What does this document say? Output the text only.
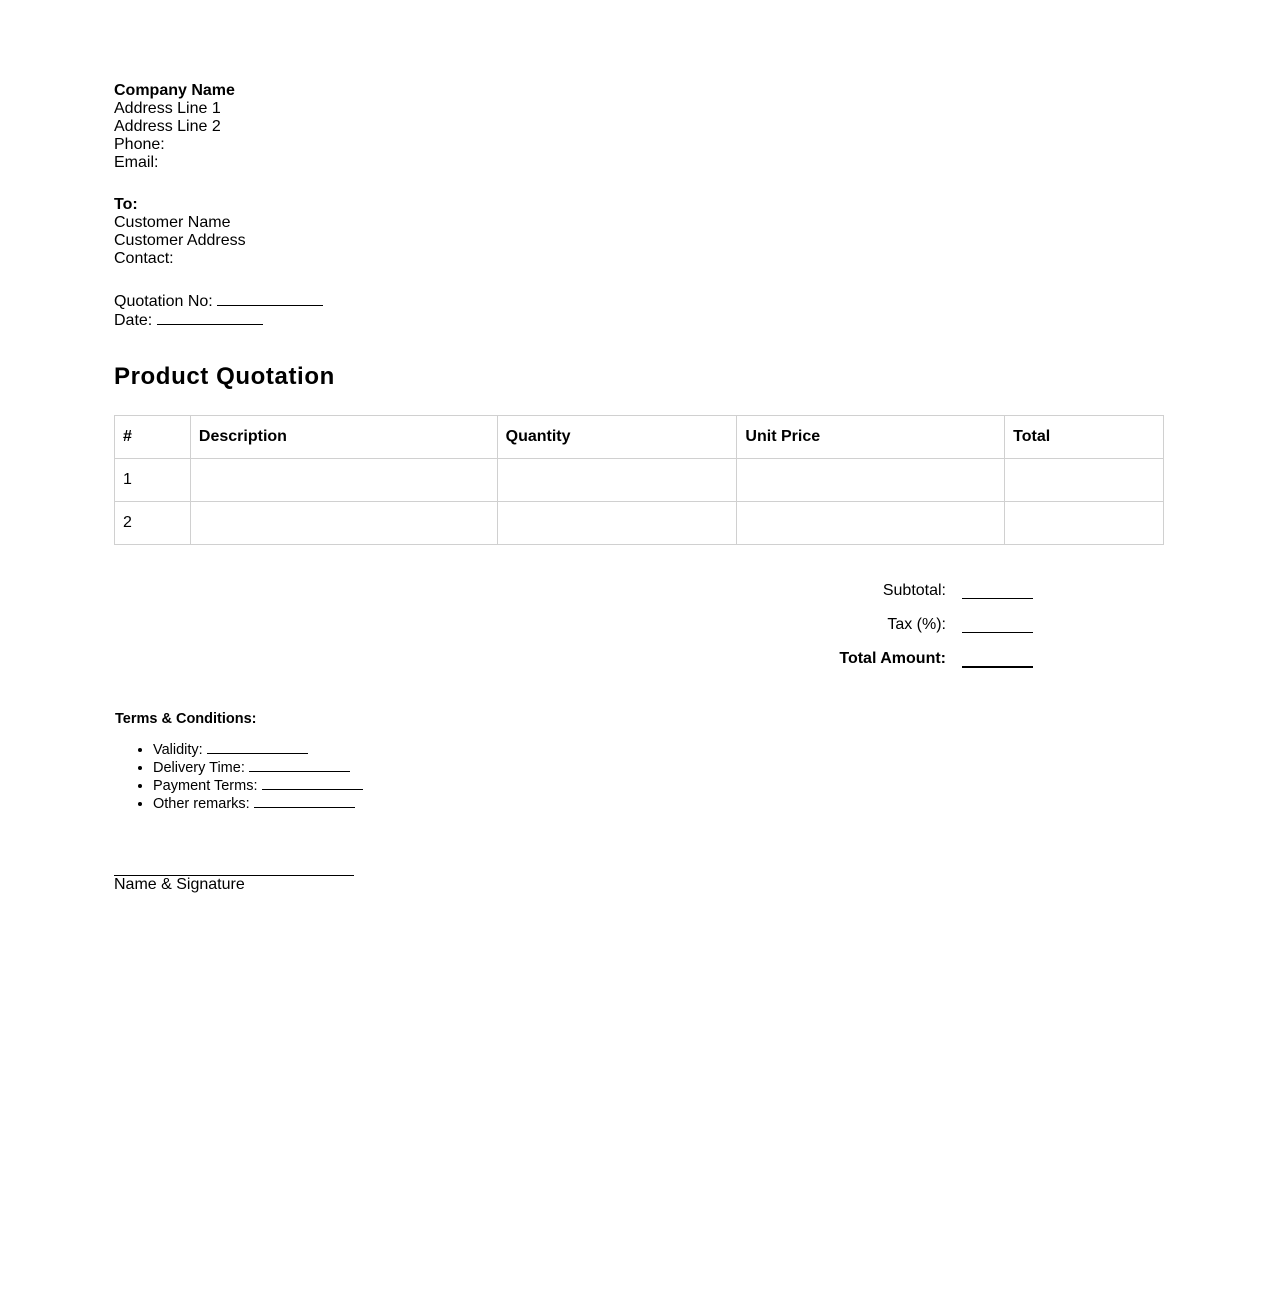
Company Name
Address Line 1
Address Line 2
Phone:
Email:
To:
Customer Name
Customer Address
Contact:
Quotation No:
Date:
Product Quotation
#	Description	Quantity	Unit Price	Total
1				
2				
Subtotal:
Tax (%):
Total Amount:

Terms & Conditions:

• Validity:
• Delivery Time:
• Payment Terms:
• Other remarks:
Name & Signature
